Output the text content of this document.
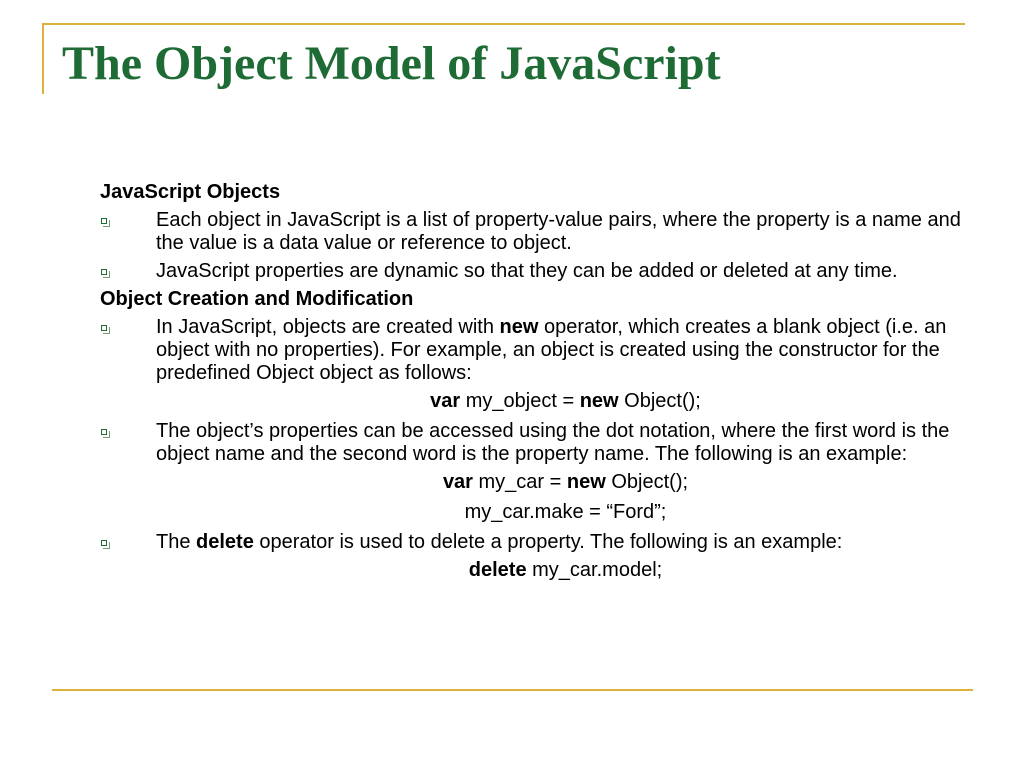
The Object Model of JavaScript
JavaScript Objects
Each object in JavaScript is a list of property-value pairs, where the property is a name and the value is a data value or reference to object.
JavaScript properties are dynamic so that they can be added or deleted at any time.
Object Creation and Modification
In JavaScript, objects are created with new operator, which creates a blank object (i.e. an object with no properties). For example, an object is created using the constructor for the predefined Object object as follows:
var my_object = new Object();
The object’s properties can be accessed using the dot notation, where the first word is the object name and the second word is the property name. The following is an example:
var my_car = new Object();
my_car.make = “Ford”;
The delete operator is used to delete a property. The following is an example:
delete my_car.model;
